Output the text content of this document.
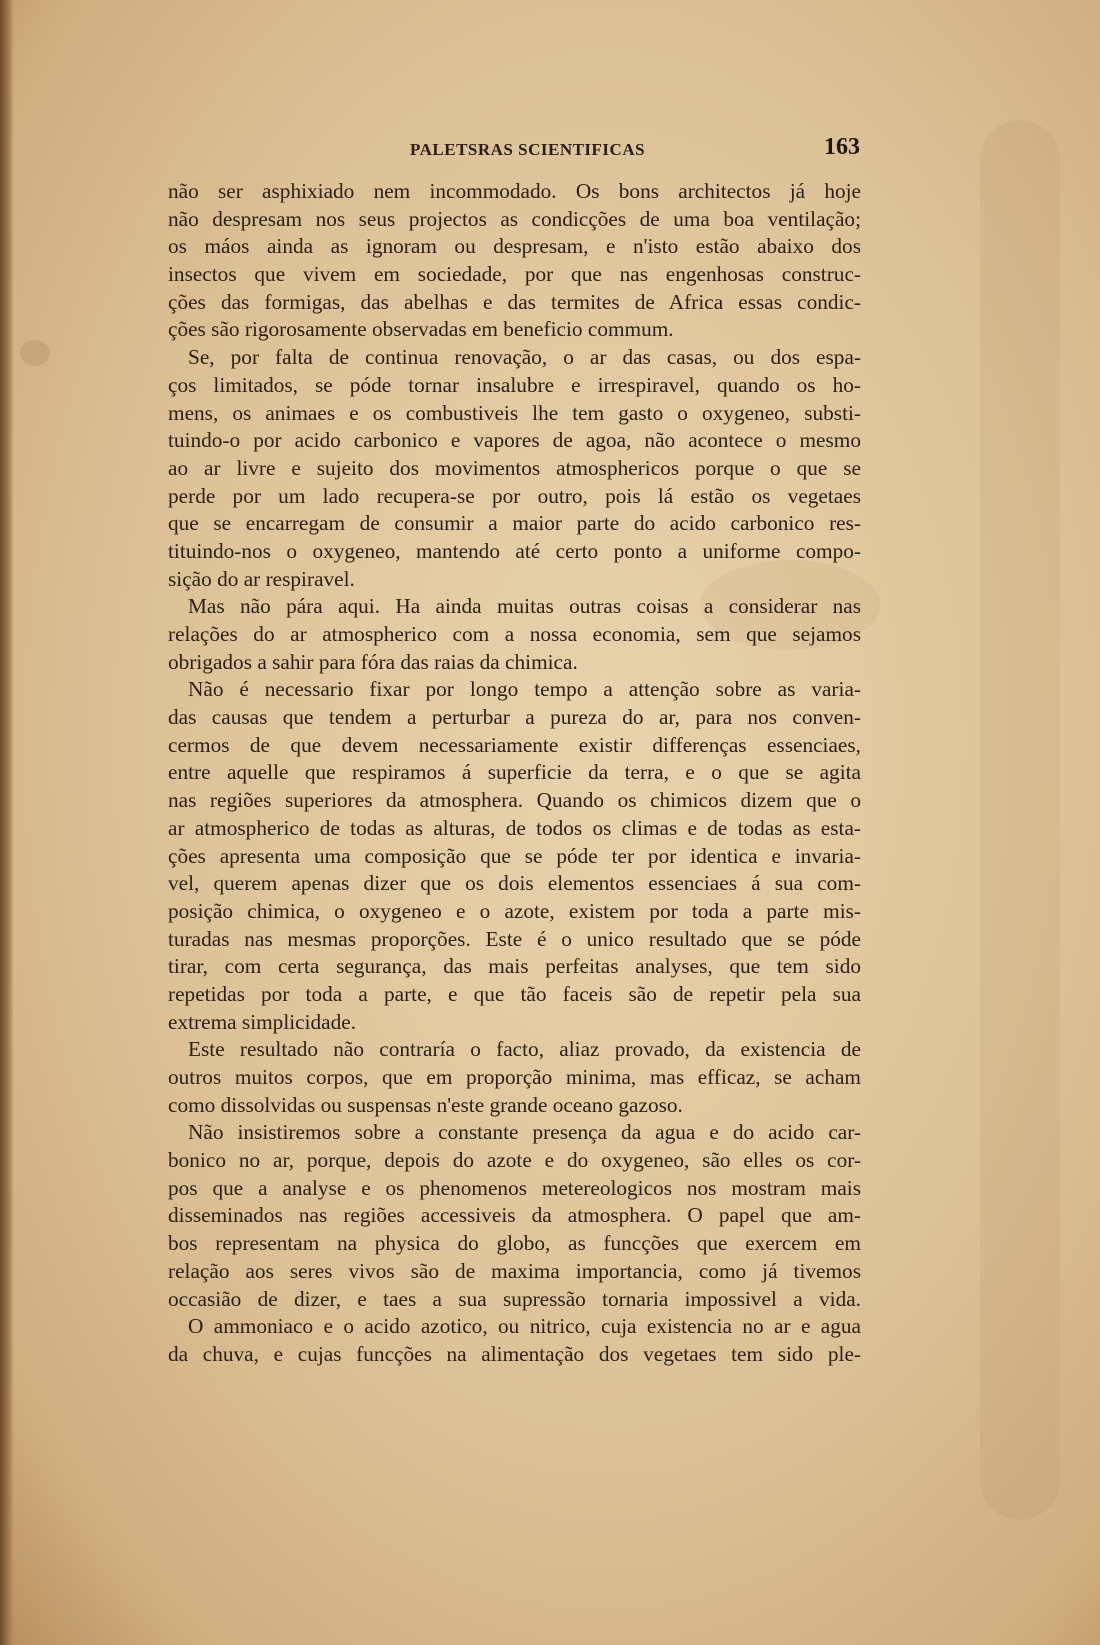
PALETSRAS SCIENTIFICAS	163
não ser asphixiado nem incommodado. Os bons architectos já hoje
não despresam nos seus projectos as condicções de uma boa ventilação;
os máos ainda as ignoram ou despresam, e n'isto estão abaixo dos
insectos que vivem em sociedade, por que nas engenhosas construc-
ções das formigas, das abelhas e das termites de Africa essas condic-
ções são rigorosamente observadas em beneficio commum.
Se, por falta de continua renovação, o ar das casas, ou dos espa-
ços limitados, se póde tornar insalubre e irrespiravel, quando os ho-
mens, os animaes e os combustiveis lhe tem gasto o oxygeneo, substi-
tuindo-o por acido carbonico e vapores de agoa, não acontece o mesmo
ao ar livre e sujeito dos movimentos atmosphericos porque o que se
perde por um lado recupera-se por outro, pois lá estão os vegetaes
que se encarregam de consumir a maior parte do acido carbonico res-
tituindo-nos o oxygeneo, mantendo até certo ponto a uniforme compo-
sição do ar respiravel.
Mas não pára aqui. Ha ainda muitas outras coisas a considerar nas
relações do ar atmospherico com a nossa economia, sem que sejamos
obrigados a sahir para fóra das raias da chimica.
Não é necessario fixar por longo tempo a attenção sobre as varia-
das causas que tendem a perturbar a pureza do ar, para nos conven-
cermos de que devem necessariamente existir differenças essenciaes,
entre aquelle que respiramos á superficie da terra, e o que se agita
nas regiões superiores da atmosphera. Quando os chimicos dizem que o
ar atmospherico de todas as alturas, de todos os climas e de todas as esta-
ções apresenta uma composição que se póde ter por identica e invaria-
vel, querem apenas dizer que os dois elementos essenciaes á sua com-
posição chimica, o oxygeneo e o azote, existem por toda a parte mis-
turadas nas mesmas proporções. Este é o unico resultado que se póde
tirar, com certa segurança, das mais perfeitas analyses, que tem sido
repetidas por toda a parte, e que tão faceis são de repetir pela sua
extrema simplicidade.
Este resultado não contraría o facto, aliaz provado, da existencia de
outros muitos corpos, que em proporção minima, mas efficaz, se acham
como dissolvidas ou suspensas n'este grande oceano gazoso.
Não insistiremos sobre a constante presença da agua e do acido car-
bonico no ar, porque, depois do azote e do oxygeneo, são elles os cor-
pos que a analyse e os phenomenos metereologicos nos mostram mais
disseminados nas regiões accessiveis da atmosphera. O papel que am-
bos representam na physica do globo, as funcções que exercem em
relação aos seres vivos são de maxima importancia, como já tivemos
occasião de dizer, e taes a sua supressão tornaria impossivel a vida.
O ammoniaco e o acido azotico, ou nitrico, cuja existencia no ar e agua
da chuva, e cujas funcções na alimentação dos vegetaes tem sido ple-
